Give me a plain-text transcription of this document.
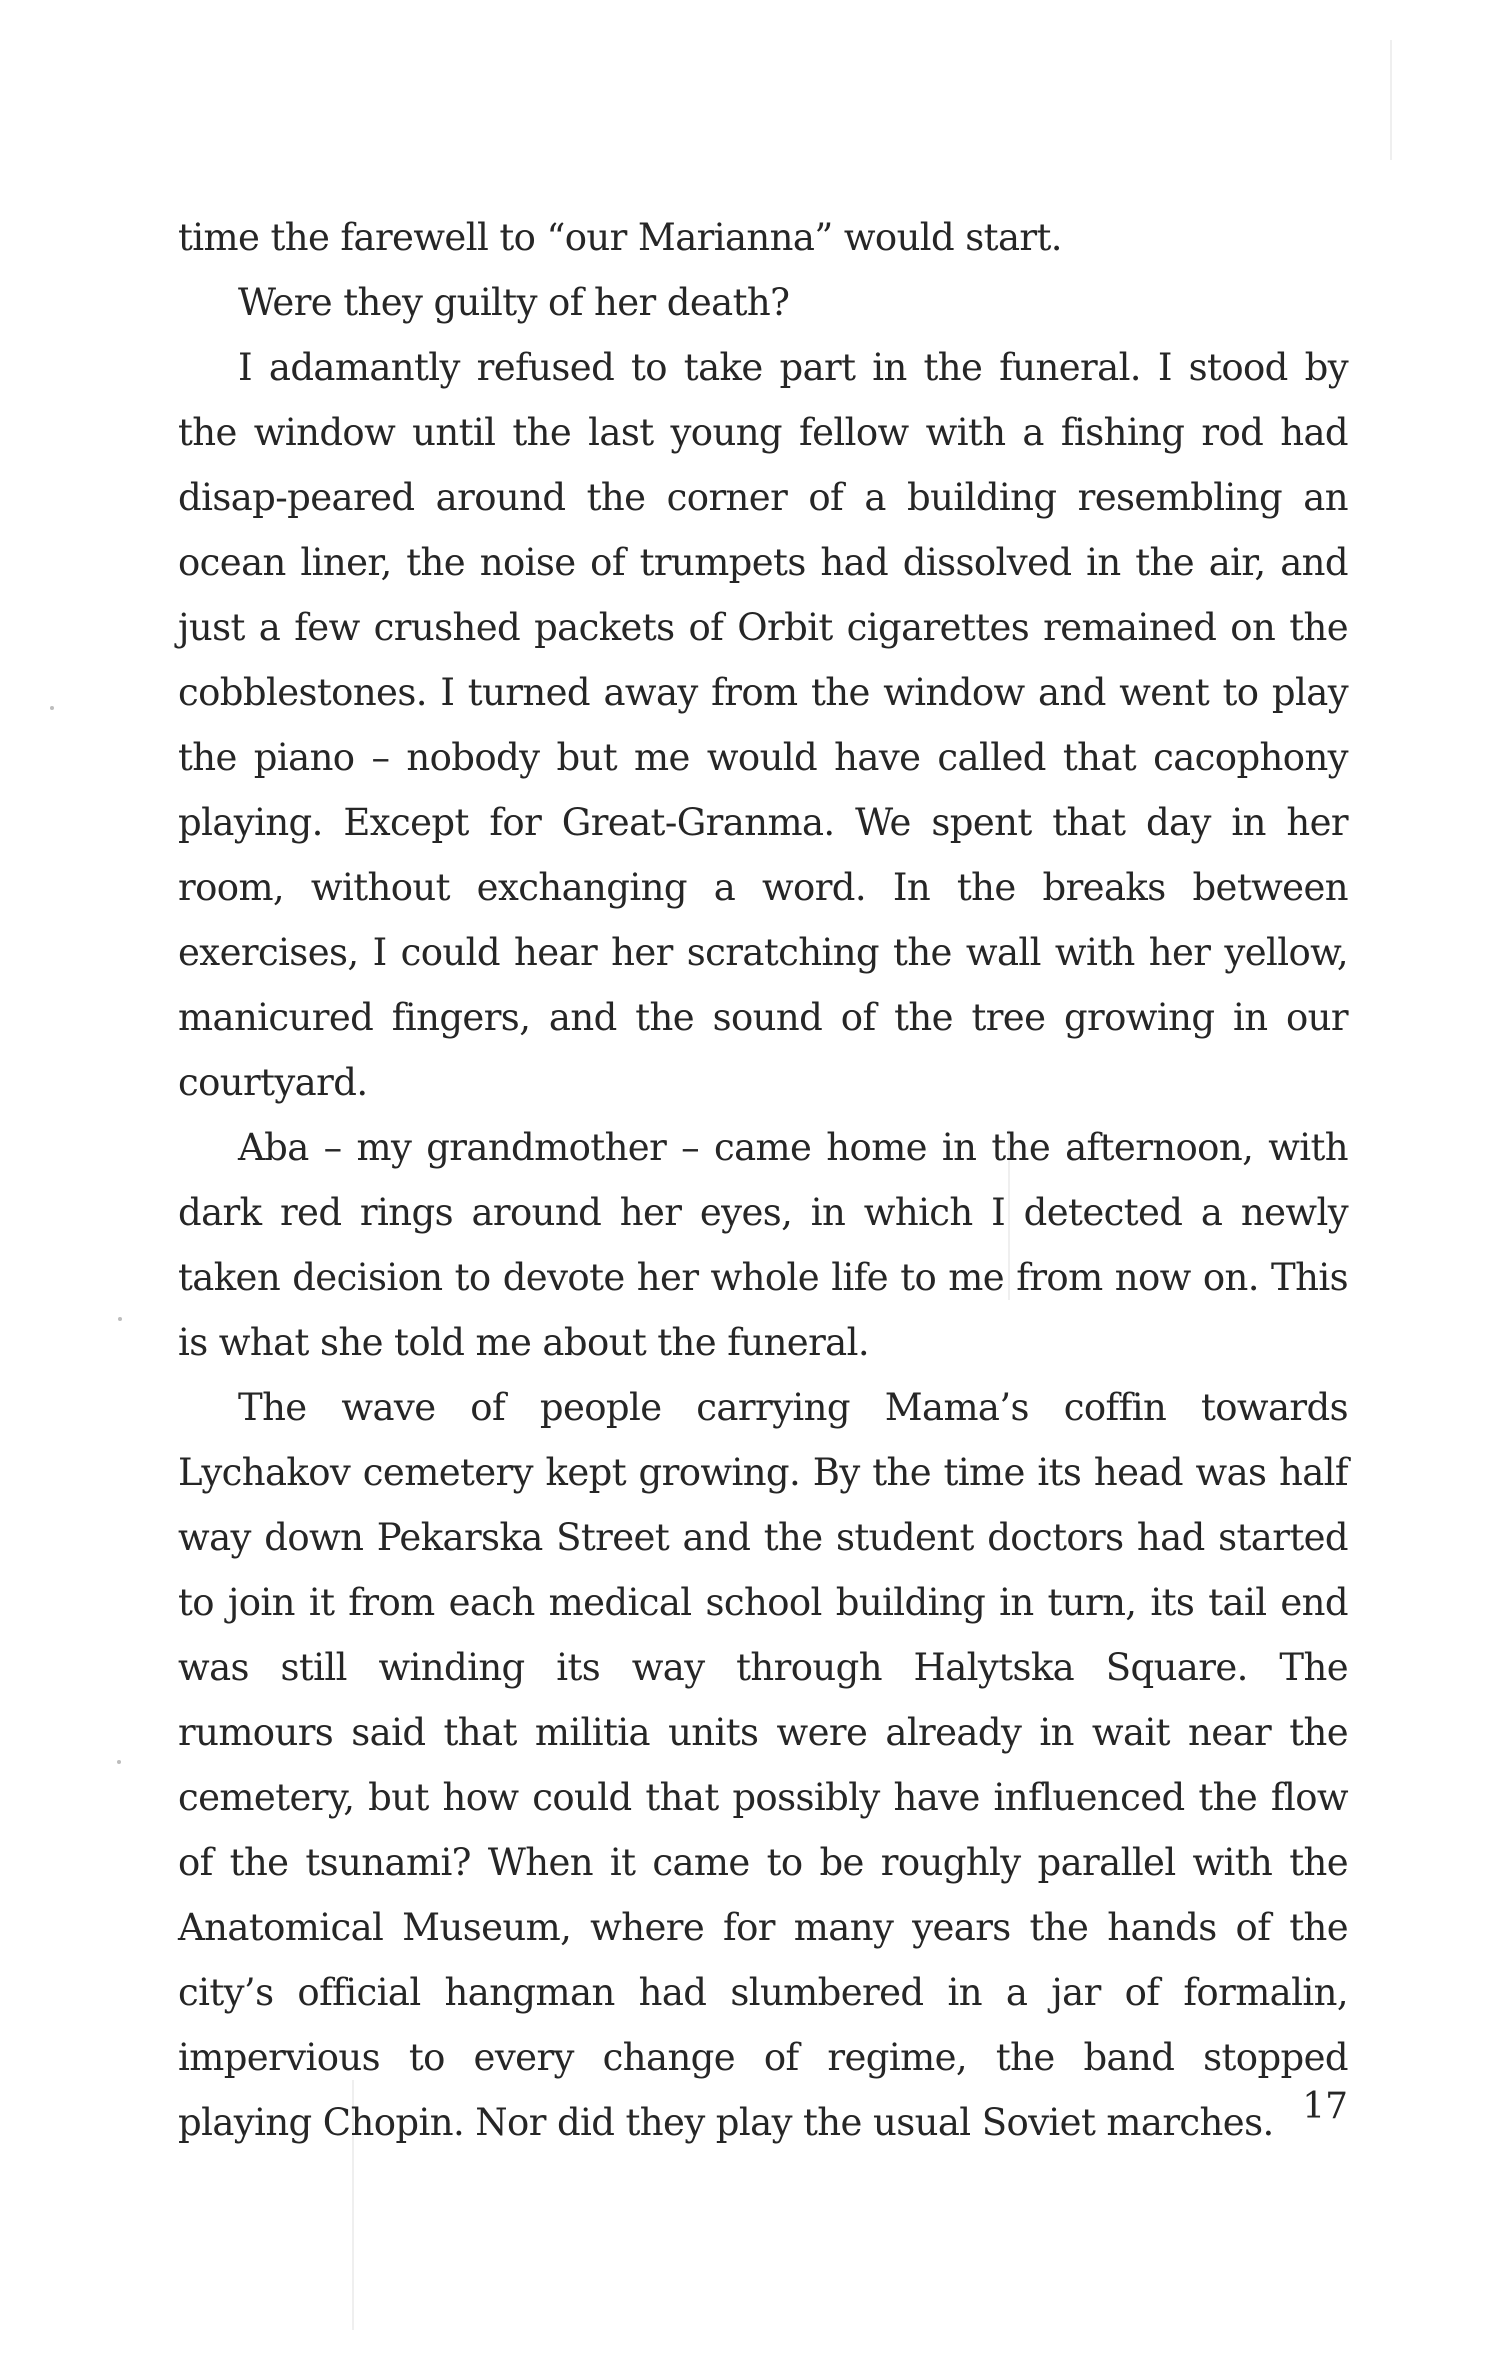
time the farewell to “our Marianna” would start.

Were they guilty of her death?

I adamantly refused to take part in the funeral. I stood by the window until the last young fellow with a fishing rod had disap-peared around the corner of a building resembling an ocean liner, the noise of trumpets had dissolved in the air, and just a few crushed packets of Orbit cigarettes remained on the cobblestones. I turned away from the window and went to play the piano – nobody but me would have called that cacophony playing. Except for Great-Granma. We spent that day in her room, without exchanging a word. In the breaks between exercises, I could hear her scratching the wall with her yellow, manicured fingers, and the sound of the tree growing in our courtyard.

Aba – my grandmother – came home in the afternoon, with dark red rings around her eyes, in which I detected a newly taken decision to devote her whole life to me from now on. This is what she told me about the funeral.

The wave of people carrying Mama’s coffin towards Lychakov cemetery kept growing. By the time its head was half way down Pekarska Street and the student doctors had started to join it from each medical school building in turn, its tail end was still winding its way through Halytska Square. The rumours said that militia units were already in wait near the cemetery, but how could that possibly have influenced the flow of the tsunami? When it came to be roughly parallel with the Anatomical Museum, where for many years the hands of the city’s official hangman had slumbered in a jar of formalin, impervious to every change of regime, the band stopped playing Chopin. Nor did they play the usual Soviet marches. 17
